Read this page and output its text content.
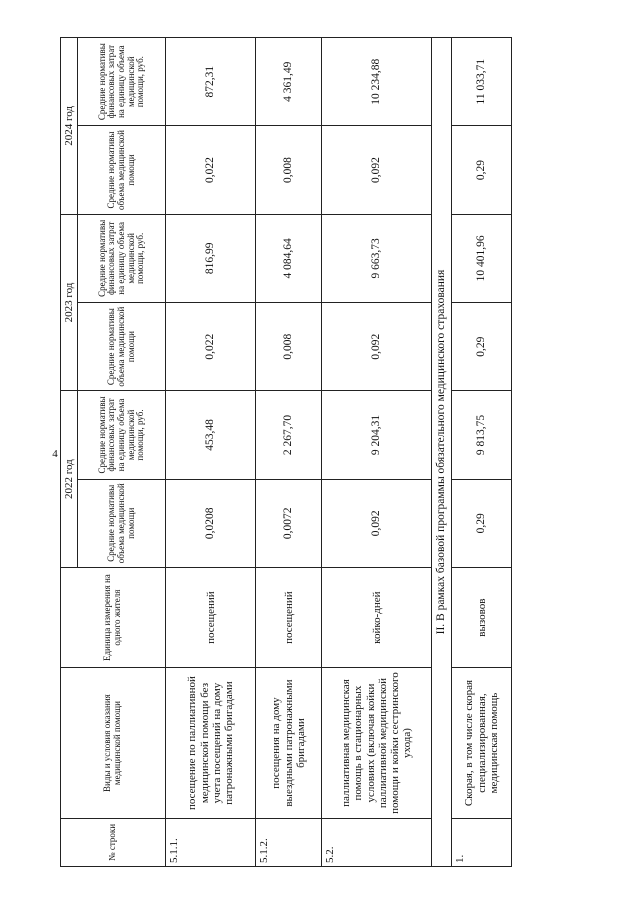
4
№ строки	Виды и условия оказания медицинской помощи	Единица измерения на одного жителя	2022 год		2023 год		2024 год	
			Средние нормативы объема медицинской помощи	Средние нормативы финансовых затрат на единицу объема медицинской помощи, руб.	Средние нормативы объема медицинской помощи	Средние нормативы финансовых затрат на единицу объема медицинской помощи, руб.	Средние нормативы объема медицинской помощи	Средние нормативы финансовых затрат на единицу объема медицинской помощи, руб.
5.1.1.	посещение по паллиативной медицинской помощи без учета посещений на дому патронажными бригадами	посещений	0,0208	453,48	0,022	816,99	0,022	872,31
5.1.2.	посещения на дому выездными патронажными бригадами	посещений	0,0072	2 267,70	0,008	4 084,64	0,008	4 361,49
5.2.	паллиативная медицинская помощь в стационарных условиях (включая койки паллиативной медицинской помощи и койки сестринского ухода)	койко-дней	0,092	9 204,31	0,092	9 663,73	0,092	10 234,88
II. В рамках базовой программы обязательного медицинского страхования								
1.	Скорая, в том числе скорая специализированная, медицинская помощь	вызовов	0,29	9 813,75	0,29	10 401,96	0,29	11 033,71
